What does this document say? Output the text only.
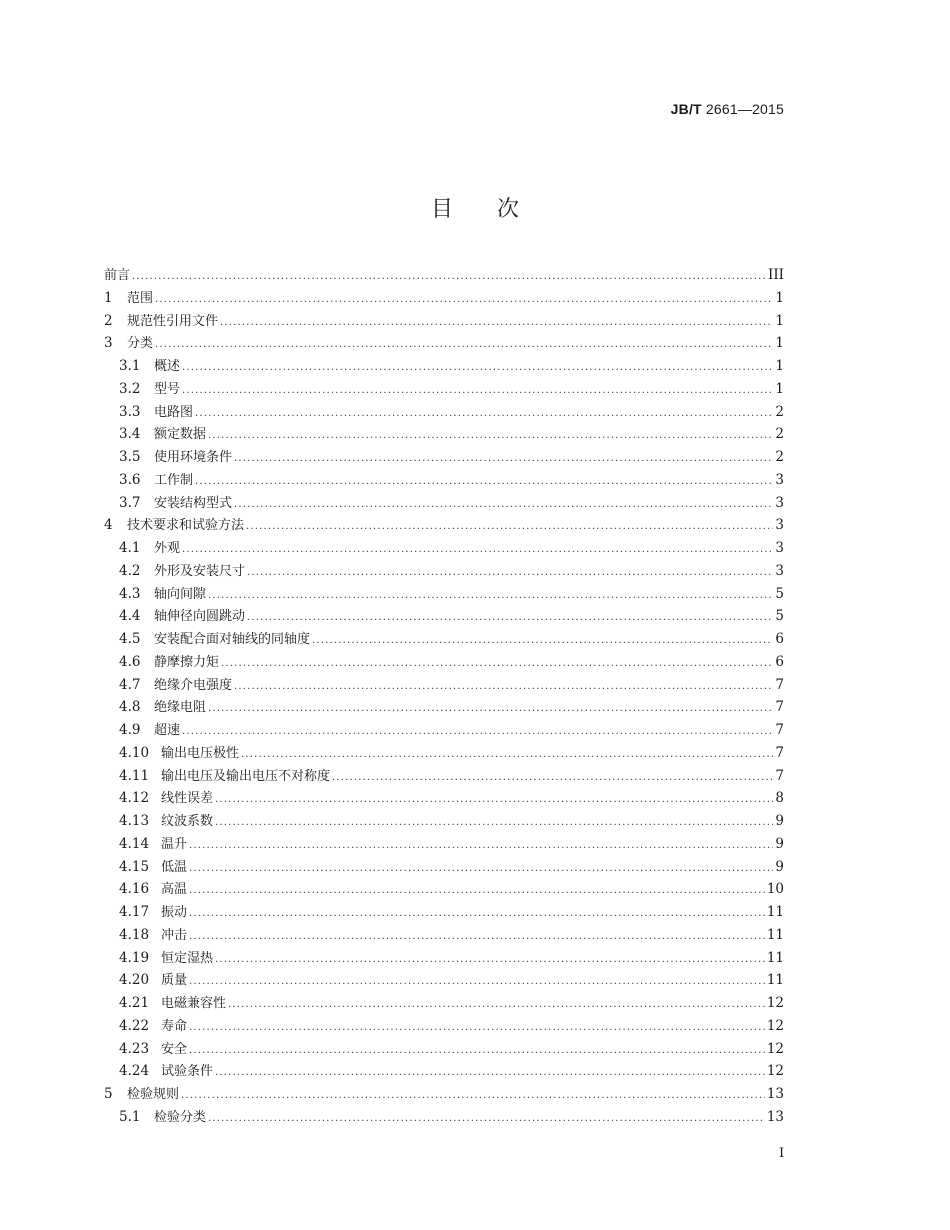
JB/T 2661—2015
目次
前言 .....	III
1	范围 .....	1
2	规范性引用文件 .....	1
3	分类 .....	1
3.1	概述 .....	1
3.2	型号 .....	1
3.3	电路图 .....	2
3.4	额定数据 .....	2
3.5	使用环境条件 .....	2
3.6	工作制 .....	3
3.7	安装结构型式 .....	3
4	技术要求和试验方法 .....	3
4.1	外观 .....	3
4.2	外形及安装尺寸 .....	3
4.3	轴向间隙 .....	5
4.4	轴伸径向圆跳动 .....	5
4.5	安装配合面对轴线的同轴度 .....	6
4.6	静摩擦力矩 .....	6
4.7	绝缘介电强度 .....	7
4.8	绝缘电阻 .....	7
4.9	超速 .....	7
4.10 输出电压极性 .....	7
4.11 输出电压及输出电压不对称度 .....	7
4.12 线性误差 .....	8
4.13 纹波系数 .....	9
4.14 温升 .....	9
4.15 低温 .....	9
4.16 高温 .....	10
4.17 振动 .....	11
4.18 冲击 .....	11
4.19 恒定湿热 .....	11
4.20 质量 .....	11
4.21 电磁兼容性 .....	12
4.22 寿命 .....	12
4.23 安全 .....	12
4.24 试验条件 .....	12
5	检验规则 .....	13
5.1	检验分类 .....	13
I
